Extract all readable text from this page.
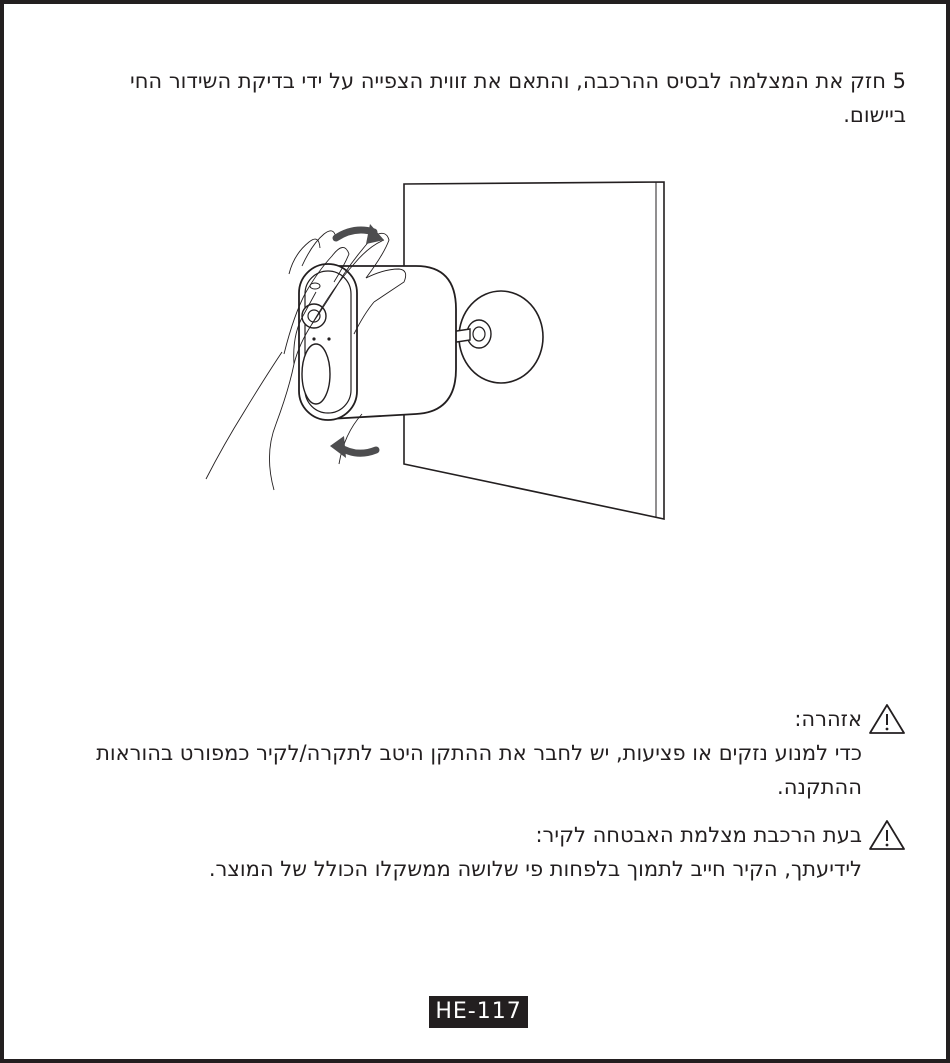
5 חזק את המצלמה לבסיס ההרכבה, והתאם את זווית הצפייה על ידי בדיקת השידור החי ביישום.
אזהרה:
כדי למנוע נזקים או פציעות, יש לחבר את ההתקן היטב לתקרה/לקיר כמפורט בהוראות ההתקנה.
בעת הרכבת מצלמת האבטחה לקיר:
לידיעתך, הקיר חייב לתמוך בלפחות פי שלושה ממשקלו הכולל של המוצר.
HE-117
